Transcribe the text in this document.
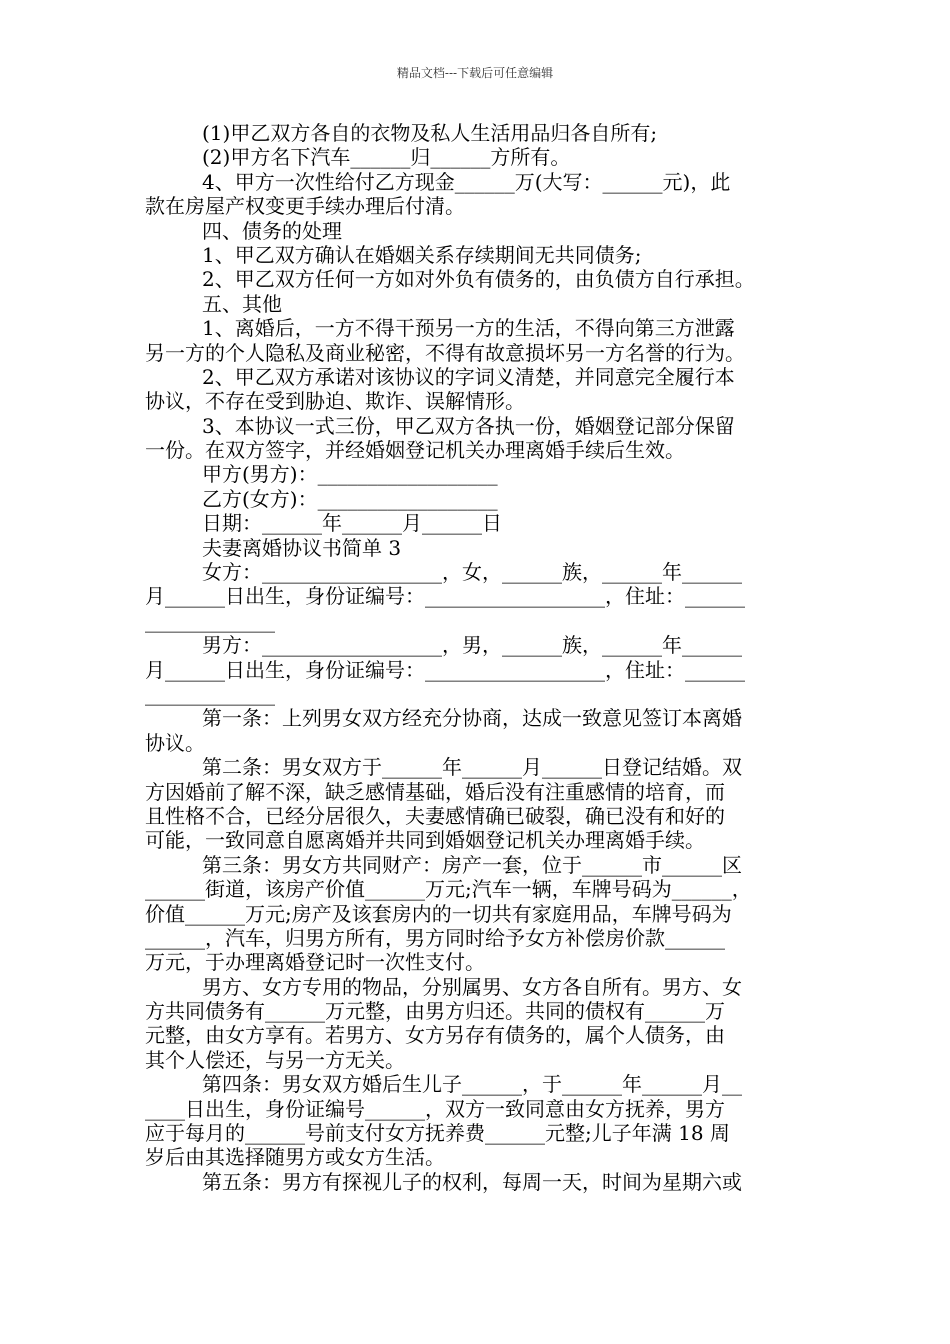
精品文档---下载后可任意编辑
(1)甲乙双方各自的衣物及私人生活用品归各自所有;
(2)甲方名下汽车______归______方所有。
4、甲方一次性给付乙方现金______万(大写：______元)，此
款在房屋产权变更手续办理后付清。
四、债务的处理
1、甲乙双方确认在婚姻关系存续期间无共同债务;
2、甲乙双方任何一方如对外负有债务的，由负债方自行承担。
五、其他
1、离婚后，一方不得干预另一方的生活，不得向第三方泄露
另一方的个人隐私及商业秘密，不得有故意损坏另一方名誉的行为。
2、甲乙双方承诺对该协议的字词义清楚，并同意完全履行本
协议，不存在受到胁迫、欺诈、误解情形。
3、本协议一式三份，甲乙双方各执一份，婚姻登记部分保留
一份。在双方签字，并经婚姻登记机关办理离婚手续后生效。
甲方(男方)：__________________
乙方(女方)：__________________
日期：______年______月______日
夫妻离婚协议书简单 3
女方：__________________，女，______族，______年______
月______日出生，身份证编号：__________________，住址：______
_____________
男方：__________________，男，______族，______年______
月______日出生，身份证编号：__________________，住址：______
_____________
第一条：上列男女双方经充分协商，达成一致意见签订本离婚
协议。
第二条：男女双方于______年______月______日登记结婚。双
方因婚前了解不深，缺乏感情基础，婚后没有注重感情的培育，而
且性格不合，已经分居很久，夫妻感情确已破裂，确已没有和好的
可能，一致同意自愿离婚并共同到婚姻登记机关办理离婚手续。
第三条：男女方共同财产：房产一套，位于______市______区
______街道，该房产价值______万元;汽车一辆，车牌号码为______，
价值______万元;房产及该套房内的一切共有家庭用品，车牌号码为
______，汽车，归男方所有，男方同时给予女方补偿房价款______
万元，于办理离婚登记时一次性支付。
男方、女方专用的物品，分别属男、女方各自所有。男方、女
方共同债务有______万元整，由男方归还。共同的债权有______万
元整，由女方享有。若男方、女方另存有债务的，属个人债务，由
其个人偿还，与另一方无关。
第四条：男女双方婚后生儿子______，于______年______月__
____日出生，身份证编号______，双方一致同意由女方抚养，男方
应于每月的______号前支付女方抚养费______元整;儿子年满 18 周
岁后由其选择随男方或女方生活。
第五条：男方有探视儿子的权利，每周一天，时间为星期六或
